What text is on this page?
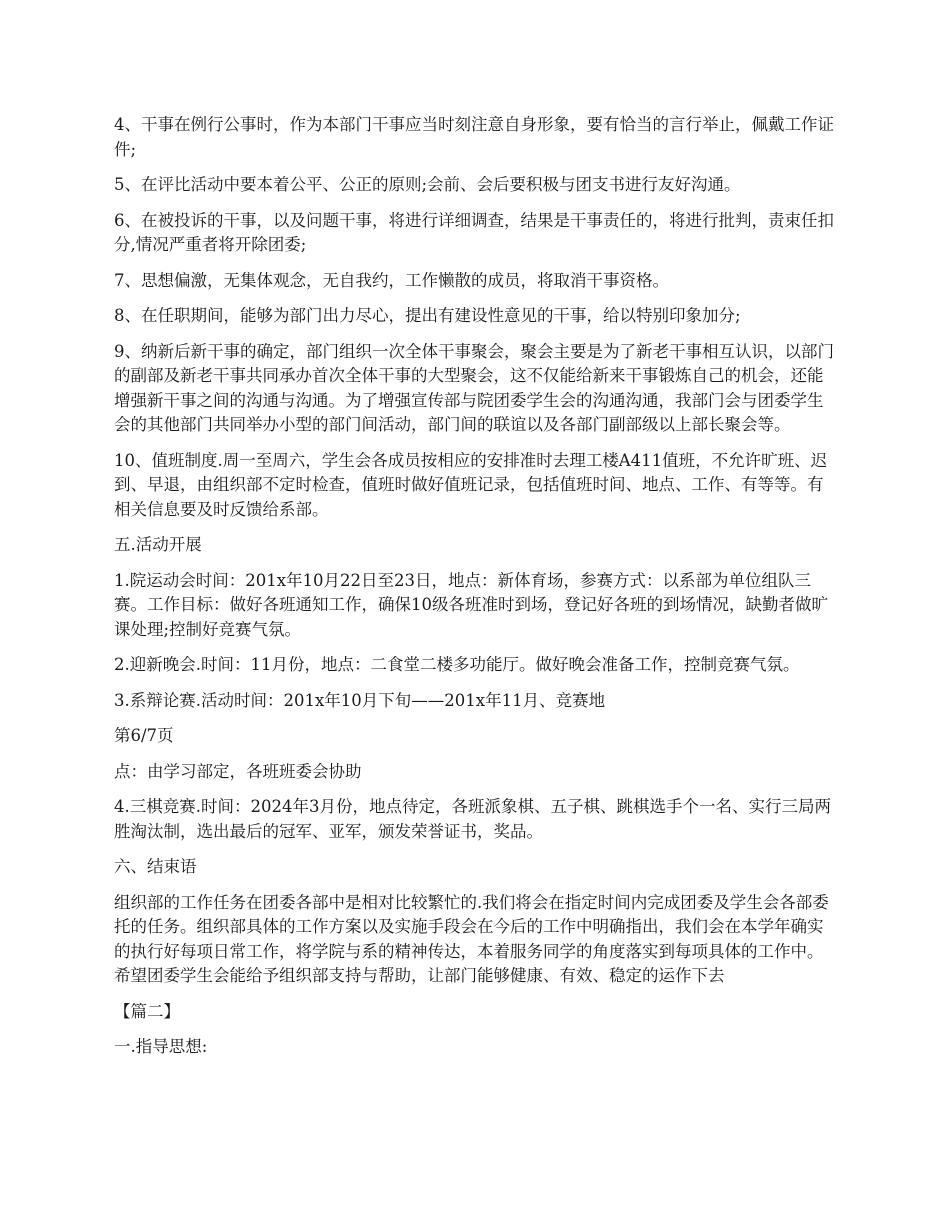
4、干事在例行公事时，作为本部门干事应当时刻注意自身形象，要有恰当的言行举止，佩戴工作证件;

5、在评比活动中要本着公平、公正的原则;会前、会后要积极与团支书进行友好沟通。

6、在被投诉的干事，以及问题干事，将进行详细调查，结果是干事责任的，将进行批判，责束任扣分,情况严重者将开除团委;

7、思想偏激，无集体观念，无自我约，工作懒散的成员，将取消干事资格。

8、在任职期间，能够为部门出力尽心，提出有建设性意见的干事，给以特别印象加分;

9、纳新后新干事的确定，部门组织一次全体干事聚会，聚会主要是为了新老干事相互认识，以部门的副部及新老干事共同承办首次全体干事的大型聚会，这不仅能给新来干事锻炼自己的机会，还能增强新干事之间的沟通与沟通。为了增强宣传部与院团委学生会的沟通沟通，我部门会与团委学生会的其他部门共同举办小型的部门间活动，部门间的联谊以及各部门副部级以上部长聚会等。

10、值班制度.周一至周六，学生会各成员按相应的安排准时去理工楼A411值班，不允许旷班、迟到、早退，由组织部不定时检查，值班时做好值班记录，包括值班时间、地点、工作、有等等。有相关信息要及时反馈给系部。

五.活动开展

1.院运动会时间：201x年10月22日至23日，地点：新体育场，参赛方式：以系部为单位组队三赛。工作目标：做好各班通知工作，确保10级各班准时到场，登记好各班的到场情况，缺勤者做旷课处理;控制好竞赛气氛。

2.迎新晚会.时间：11月份，地点：二食堂二楼多功能厅。做好晚会准备工作，控制竞赛气氛。

3.系辩论赛.活动时间：201x年10月下旬——201x年11月、竞赛地

第6/7页

点：由学习部定，各班班委会协助

4.三棋竞赛.时间：2024年3月份，地点待定，各班派象棋、五子棋、跳棋选手个一名、实行三局两胜淘汰制，选出最后的冠军、亚军，颁发荣誉证书，奖品。

六、结束语

组织部的工作任务在团委各部中是相对比较繁忙的.我们将会在指定时间内完成团委及学生会各部委托的任务。组织部具体的工作方案以及实施手段会在今后的工作中明确指出，我们会在本学年确实的执行好每项日常工作，将学院与系的精神传达，本着服务同学的角度落实到每项具体的工作中。希望团委学生会能给予组织部支持与帮助，让部门能够健康、有效、稳定的运作下去

【篇二】

一.指导思想:
